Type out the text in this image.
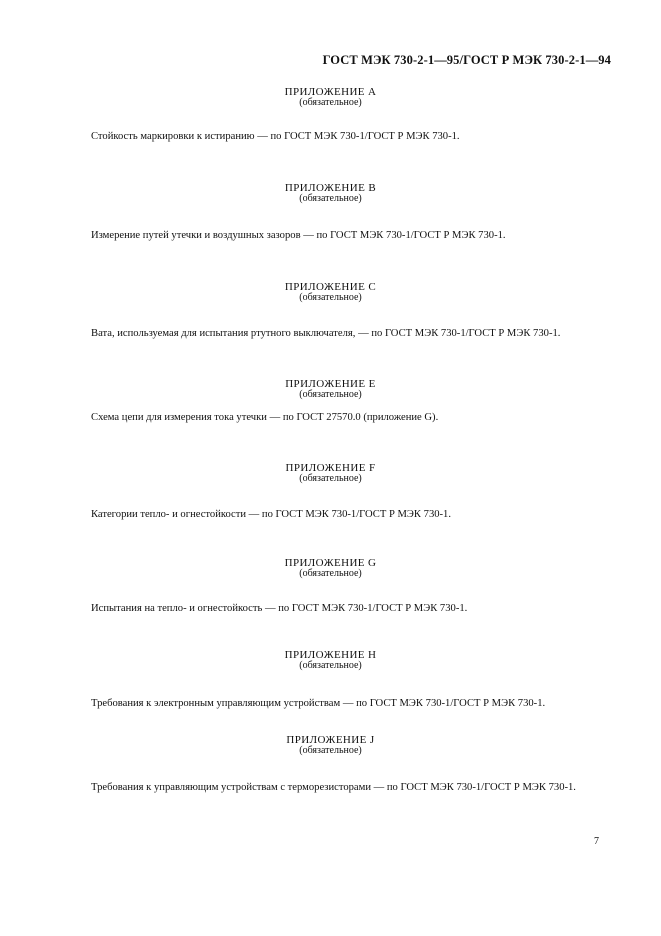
ГОСТ МЭК 730-2-1—95/ГОСТ Р МЭК 730-2-1—94
ПРИЛОЖЕНИЕ А
(обязательное)
Стойкость маркировки к истиранию — по ГОСТ МЭК 730-1/ГОСТ Р МЭК 730-1.
ПРИЛОЖЕНИЕ В
(обязательное)
Измерение путей утечки и воздушных зазоров — по ГОСТ МЭК 730-1/ГОСТ Р МЭК 730-1.
ПРИЛОЖЕНИЕ С
(обязательное)
Вата, используемая для испытания ртутного выключателя, — по ГОСТ МЭК 730-1/ГОСТ Р МЭК 730-1.
ПРИЛОЖЕНИЕ Е
(обязательное)
Схема цепи для измерения тока утечки — по ГОСТ 27570.0 (приложение G).
ПРИЛОЖЕНИЕ F
(обязательное)
Категории тепло- и огнестойкости — по ГОСТ МЭК 730-1/ГОСТ Р МЭК 730-1.
ПРИЛОЖЕНИЕ G
(обязательное)
Испытания на тепло- и огнестойкость — по ГОСТ МЭК 730-1/ГОСТ Р МЭК 730-1.
ПРИЛОЖЕНИЕ Н
(обязательное)
Требования к электронным управляющим устройствам — по ГОСТ МЭК 730-1/ГОСТ Р МЭК 730-1.
ПРИЛОЖЕНИЕ J
(обязательное)
Требования к управляющим устройствам с терморезисторами — по ГОСТ МЭК 730-1/ГОСТ Р МЭК 730-1.
7
